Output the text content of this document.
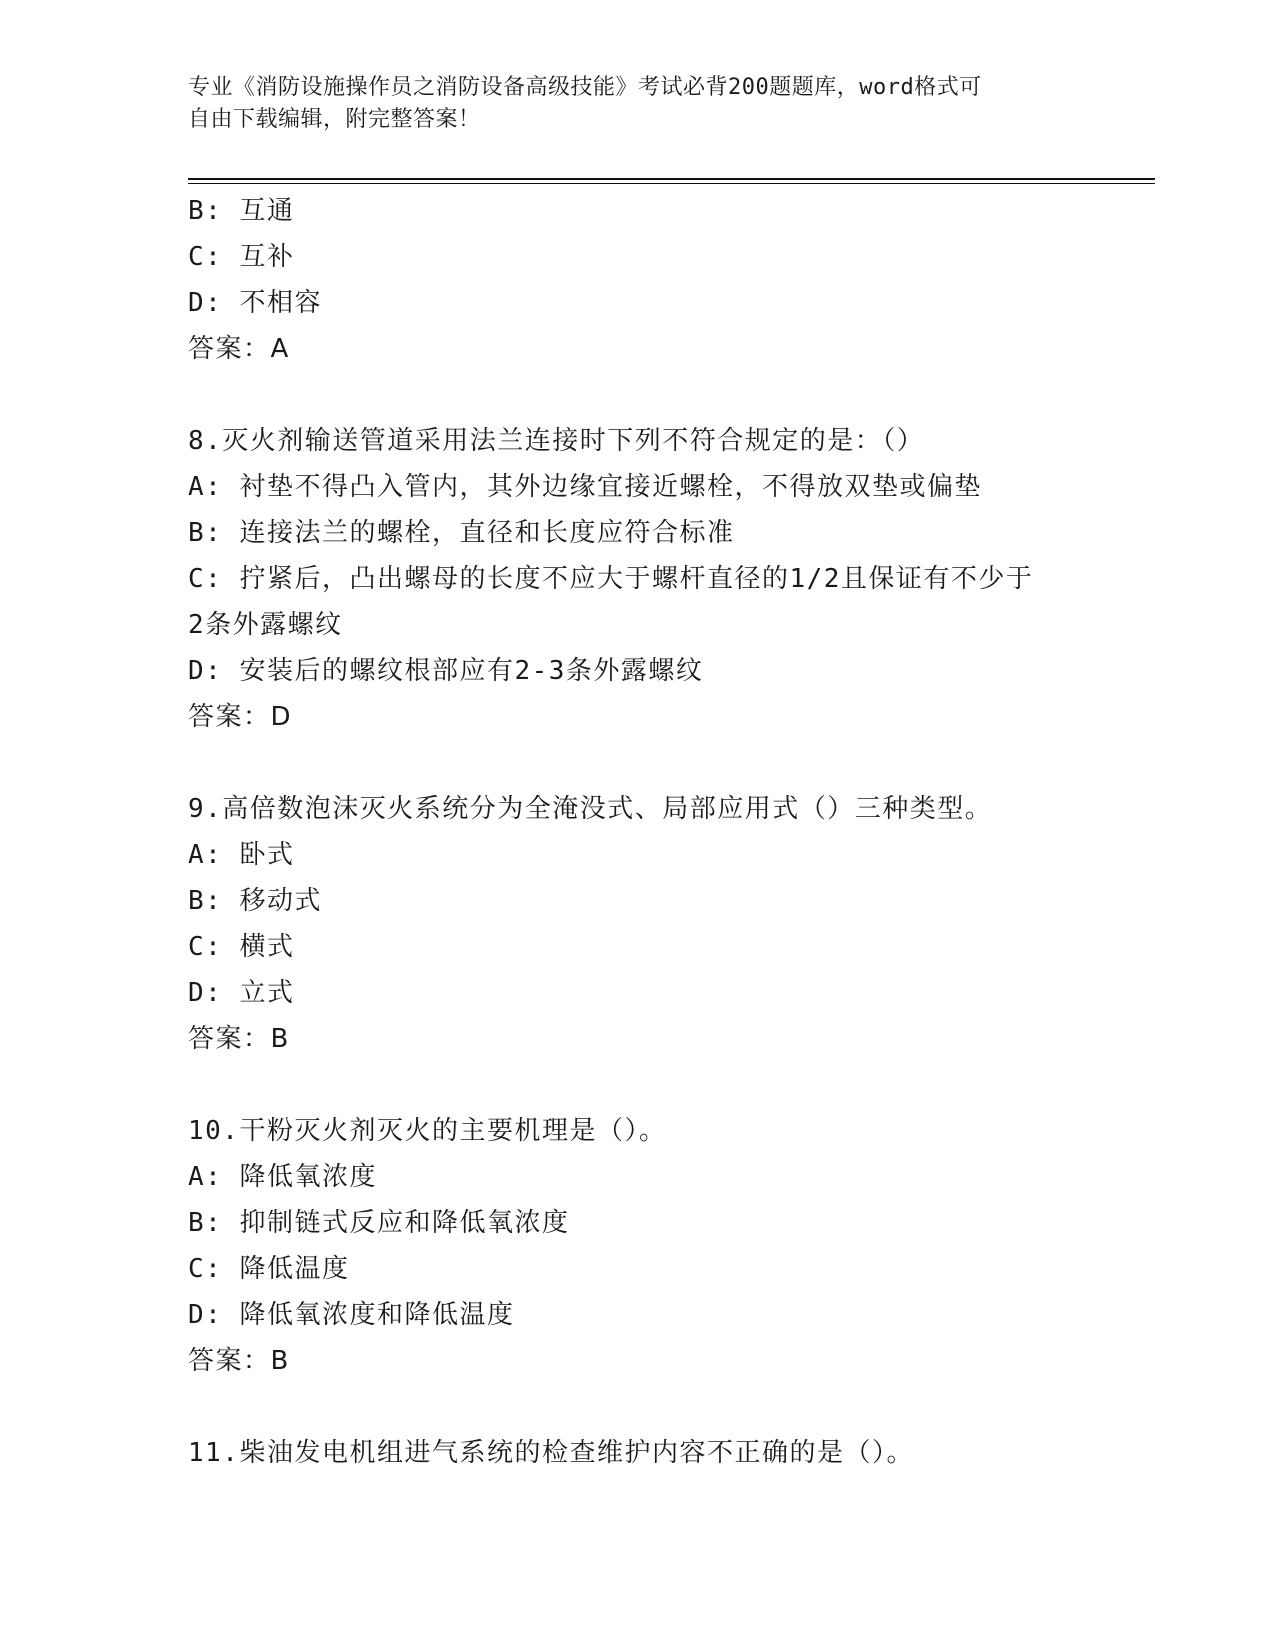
专业《消防设施操作员之消防设备高级技能》考试必背200题题库，word格式可
自由下载编辑，附完整答案！
B: 互通
C: 互补
D: 不相容
答案：A
8.灭火剂输送管道采用法兰连接时下列不符合规定的是：（）
A: 衬垫不得凸入管内，其外边缘宜接近螺栓，不得放双垫或偏垫
B: 连接法兰的螺栓，直径和长度应符合标准
C: 拧紧后，凸出螺母的长度不应大于螺杆直径的1/2且保证有不少于
2条外露螺纹
D: 安装后的螺纹根部应有2-3条外露螺纹
答案：D
9.高倍数泡沫灭火系统分为全淹没式、局部应用式（）三种类型。
A: 卧式
B: 移动式
C: 横式
D: 立式
答案：B
10.干粉灭火剂灭火的主要机理是（）。
A: 降低氧浓度
B: 抑制链式反应和降低氧浓度
C: 降低温度
D: 降低氧浓度和降低温度
答案：B
11.柴油发电机组进气系统的检查维护内容不正确的是（）。
